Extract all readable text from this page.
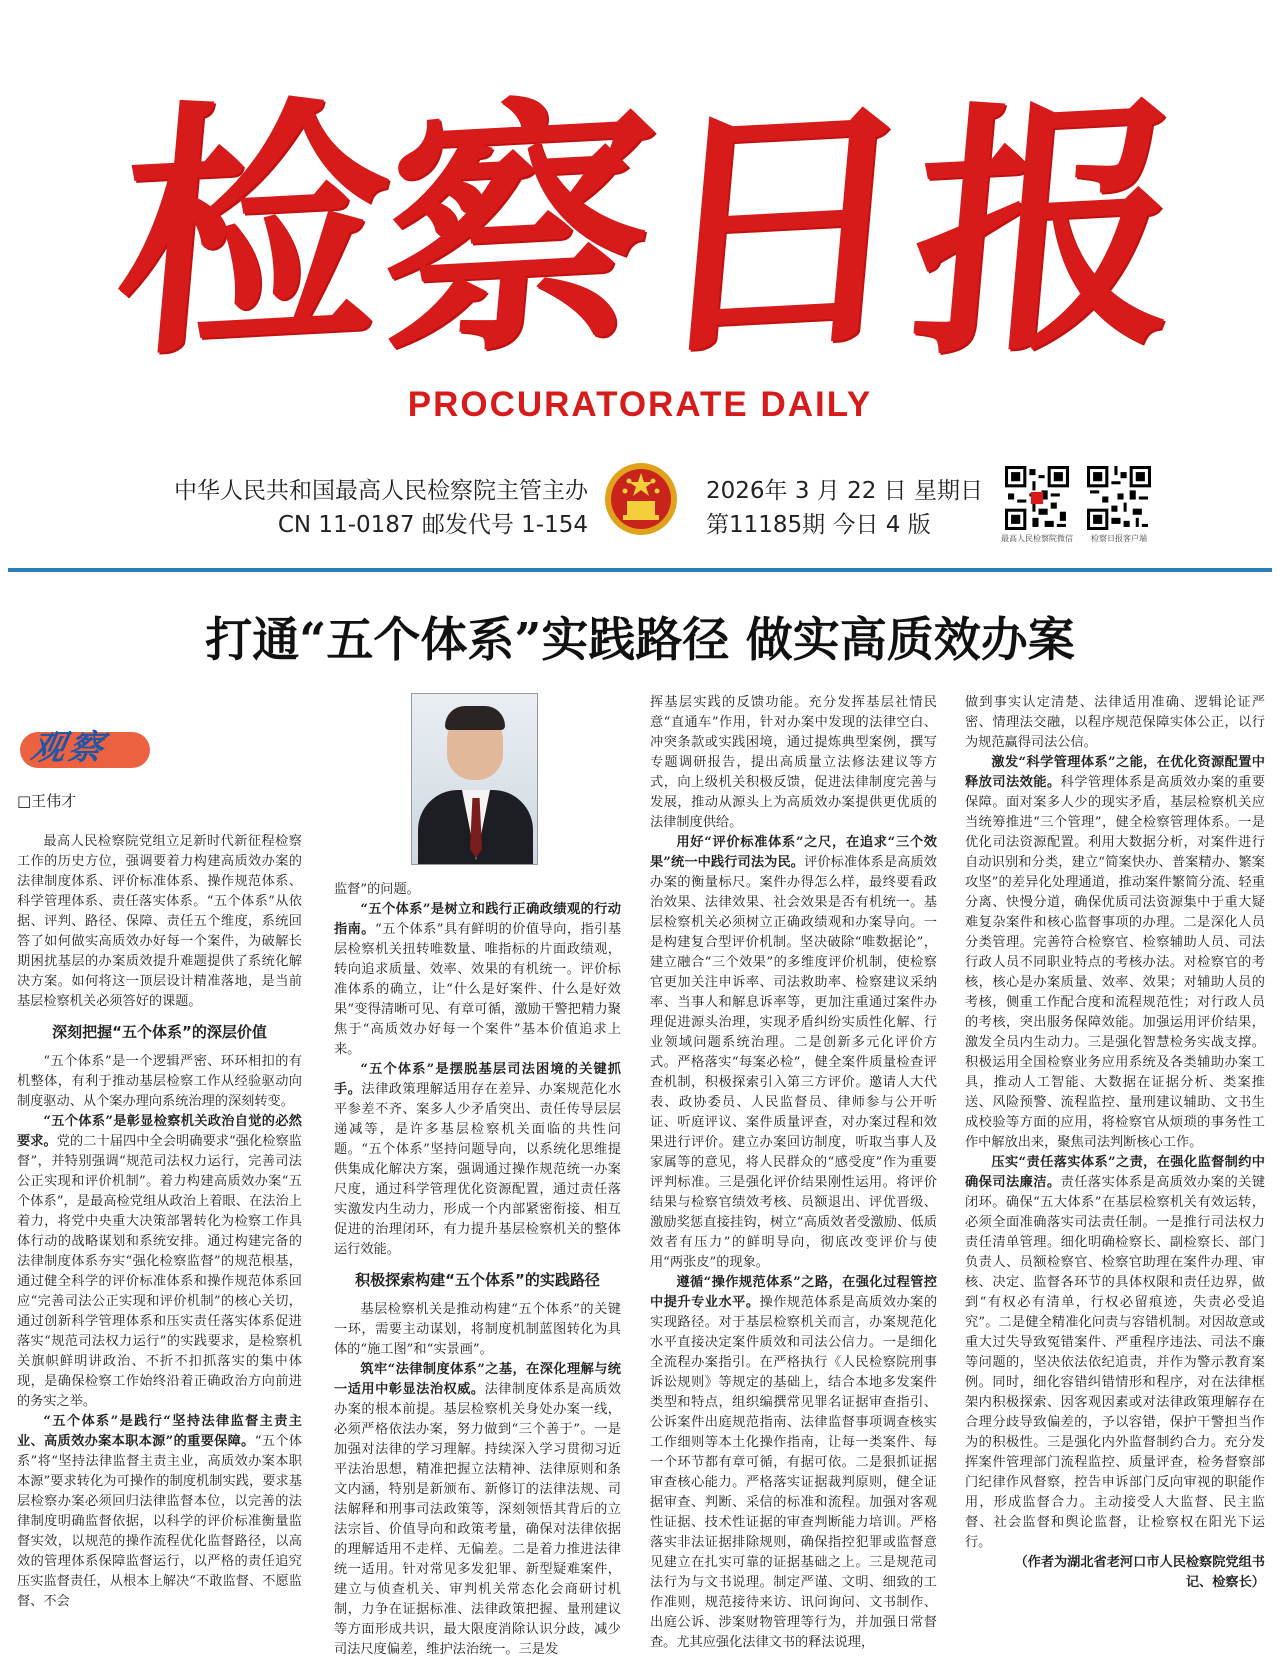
检
察
日
报
PROCURATORATE DAILY
中华人民共和国最高人民检察院主管主办
CN 11-0187 邮发代号 1-154
2026年 3 月 22 日 星期日
第11185期 今日 4 版
最高人民检察院微信	检察日报客户端
打通“五个体系”实践路径 做实高质效办案
观察
□王伟才

最高人民检察院党组立足新时代新征程检察工作的历史方位，强调要着力构建高质效办案的法律制度体系、评价标准体系、操作规范体系、科学管理体系、责任落实体系。“五个体系”从依据、评判、路径、保障、责任五个维度，系统回答了如何做实高质效办好每一个案件，为破解长期困扰基层的办案质效提升难题提供了系统化解决方案。如何将这一顶层设计精准落地，是当前基层检察机关必须答好的课题。

深刻把握“五个体系”的深层价值

“五个体系”是一个逻辑严密、环环相扣的有机整体，有利于推动基层检察工作从经验驱动向制度驱动、从个案办理向系统治理的深刻转变。

“五个体系”是彰显检察机关政治自觉的必然要求。党的二十届四中全会明确要求“强化检察监督”，并特别强调“规范司法权力运行，完善司法公正实现和评价机制”。着力构建高质效办案“五个体系”，是最高检党组从政治上着眼、在法治上着力，将党中央重大决策部署转化为检察工作具体行动的战略谋划和系统安排。通过构建完备的法律制度体系夯实“强化检察监督”的规范根基，通过健全科学的评价标准体系和操作规范体系回应“完善司法公正实现和评价机制”的核心关切，通过创新科学管理体系和压实责任落实体系促进落实“规范司法权力运行”的实践要求，是检察机关旗帜鲜明讲政治、不折不扣抓落实的集中体现，是确保检察工作始终沿着正确政治方向前进的务实之举。

“五个体系”是践行“坚持法律监督主责主业、高质效办案本职本源”的重要保障。“五个体系”将“坚持法律监督主责主业，高质效办案本职本源”要求转化为可操作的制度机制实践，要求基层检察办案必须回归法律监督本位，以完善的法律制度明确监督依据，以科学的评价标准衡量监督实效，以规范的操作流程优化监督路径，以高效的管理体系保障监督运行，以严格的责任追究压实监督责任，从根本上解决“不敢监督、不愿监督、不会

监督”的问题。

“五个体系”是树立和践行正确政绩观的行动指南。“五个体系”具有鲜明的价值导向，指引基层检察机关扭转唯数量、唯指标的片面政绩观，转向追求质量、效率、效果的有机统一。评价标准体系的确立，让“什么是好案件、什么是好效果”变得清晰可见、有章可循，激励干警把精力聚焦于“高质效办好每一个案件”基本价值追求上来。

“五个体系”是摆脱基层司法困境的关键抓手。法律政策理解适用存在差异、办案规范化水平参差不齐、案多人少矛盾突出、责任传导层层递减等，是许多基层检察机关面临的共性问题。“五个体系”坚持问题导向，以系统化思维提供集成化解决方案，强调通过操作规范统一办案尺度，通过科学管理优化资源配置，通过责任落实激发内生动力，形成一个内部紧密衔接、相互促进的治理闭环，有力提升基层检察机关的整体运行效能。

积极探索构建“五个体系”的实践路径

基层检察机关是推动构建“五个体系”的关键一环，需要主动谋划，将制度机制蓝图转化为具体的“施工图”和“实景画”。

筑牢“法律制度体系”之基，在深化理解与统一适用中彰显法治权威。法律制度体系是高质效办案的根本前提。基层检察机关身处办案一线，必须严格依法办案，努力做到“三个善于”。一是加强对法律的学习理解。持续深入学习贯彻习近平法治思想，精准把握立法精神、法律原则和条文内涵，特别是新颁布、新修订的法律法规、司法解释和刑事司法政策等，深刻领悟其背后的立法宗旨、价值导向和政策考量，确保对法律依据的理解适用不走样、无偏差。二是着力推进法律统一适用。针对常见多发犯罪、新型疑难案件，建立与侦查机关、审判机关常态化会商研讨机制，力争在证据标准、法律政策把握、量刑建议等方面形成共识，最大限度消除认识分歧，减少司法尺度偏差，维护法治统一。三是发

挥基层实践的反馈功能。充分发挥基层社情民意“直通车”作用，针对办案中发现的法律空白、冲突条款或实践困境，通过提炼典型案例，撰写专题调研报告，提出高质量立法修法建议等方式，向上级机关积极反馈，促进法律制度完善与发展，推动从源头上为高质效办案提供更优质的法律制度供给。

用好“评价标准体系”之尺，在追求“三个效果”统一中践行司法为民。评价标准体系是高质效办案的衡量标尺。案件办得怎么样，最终要看政治效果、法律效果、社会效果是否有机统一。基层检察机关必须树立正确政绩观和办案导向。一是构建复合型评价机制。坚决破除“唯数据论”，建立融合“三个效果”的多维度评价机制，使检察官更加关注申诉率、司法救助率、检察建议采纳率、当事人和解息诉率等，更加注重通过案件办理促进源头治理，实现矛盾纠纷实质性化解、行业领域问题系统治理。二是创新多元化评价方式。严格落实“每案必检”，健全案件质量检查评查机制，积极探索引入第三方评价。邀请人大代表、政协委员、人民监督员、律师参与公开听证、听庭评议、案件质量评查，对办案过程和效果进行评价。建立办案回访制度，听取当事人及家属等的意见，将人民群众的“感受度”作为重要评判标准。三是强化评价结果刚性运用。将评价结果与检察官绩效考核、员额退出、评优晋级、激励奖惩直接挂钩，树立“高质效者受激励、低质效者有压力”的鲜明导向，彻底改变评价与使用“两张皮”的现象。

遵循“操作规范体系”之路，在强化过程管控中提升专业水平。操作规范体系是高质效办案的实现路径。对于基层检察机关而言，办案规范化水平直接决定案件质效和司法公信力。一是细化全流程办案指引。在严格执行《人民检察院刑事诉讼规则》等规定的基础上，结合本地多发案件类型和特点，组织编撰常见罪名证据审查指引、公诉案件出庭规范指南、法律监督事项调查核实工作细则等本土化操作指南，让每一类案件、每一个环节都有章可循，有据可依。二是狠抓证据审查核心能力。严格落实证据裁判原则，健全证据审查、判断、采信的标准和流程。加强对客观性证据、技术性证据的审查判断能力培训。严格落实非法证据排除规则，确保指控犯罪或监督意见建立在扎实可靠的证据基础之上。三是规范司法行为与文书说理。制定严谨、文明、细致的工作准则，规范接待来访、讯问询问、文书制作、出庭公诉、涉案财物管理等行为，并加强日常督查。尤其应强化法律文书的释法说理，

做到事实认定清楚、法律适用准确、逻辑论证严密、情理法交融，以程序规范保障实体公正，以行为规范赢得司法公信。

激发“科学管理体系”之能，在优化资源配置中释放司法效能。科学管理体系是高质效办案的重要保障。面对案多人少的现实矛盾，基层检察机关应当统筹推进“三个管理”，健全检察管理体系。一是优化司法资源配置。利用大数据分析，对案件进行自动识别和分类，建立“简案快办、普案精办、繁案攻坚”的差异化处理通道，推动案件繁简分流、轻重分离、快慢分道，确保优质司法资源集中于重大疑难复杂案件和核心监督事项的办理。二是深化人员分类管理。完善符合检察官、检察辅助人员、司法行政人员不同职业特点的考核办法。对检察官的考核，核心是办案质量、效率、效果；对辅助人员的考核，侧重工作配合度和流程规范性；对行政人员的考核，突出服务保障效能。加强运用评价结果，激发全员内生动力。三是强化智慧检务实战支撑。积极运用全国检察业务应用系统及各类辅助办案工具，推动人工智能、大数据在证据分析、类案推送、风险预警、流程监控、量刑建议辅助、文书生成校验等方面的应用，将检察官从烦琐的事务性工作中解放出来，聚焦司法判断核心工作。

压实“责任落实体系”之责，在强化监督制约中确保司法廉洁。责任落实体系是高质效办案的关键闭环。确保“五大体系”在基层检察机关有效运转，必须全面准确落实司法责任制。一是推行司法权力责任清单管理。细化明确检察长、副检察长、部门负责人、员额检察官、检察官助理在案件办理、审核、决定、监督各环节的具体权限和责任边界，做到“有权必有清单，行权必留痕迹，失责必受追究”。二是健全精准化问责与容错机制。对因故意或重大过失导致冤错案件、严重程序违法、司法不廉等问题的，坚决依法依纪追责，并作为警示教育案例。同时，细化容错纠错情形和程序，对在法律框架内积极探索、因客观因素或对法律政策理解存在合理分歧导致偏差的，予以容错，保护干警担当作为的积极性。三是强化内外监督制约合力。充分发挥案件管理部门流程监控、质量评查，检务督察部门纪律作风督察，控告申诉部门反向审视的职能作用，形成监督合力。主动接受人大监督、民主监督、社会监督和舆论监督，让检察权在阳光下运行。

（作者为湖北省老河口市人民检察院党组书记、检察长）
